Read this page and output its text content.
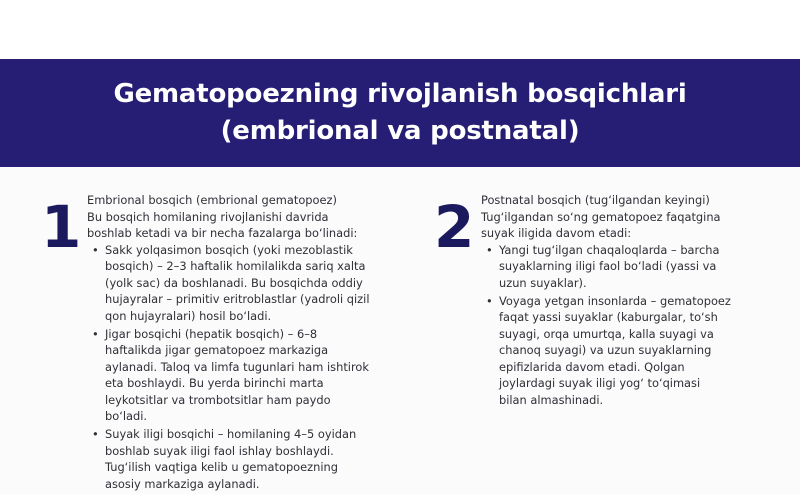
Gematopoezning rivojlanish bosqichlari
(embrional va postnatal)
1 Embrional bosqich (embrional gematopoez)

Bu bosqich homilaning rivojlanishi davrida boshlab ketadi va bir necha fazalarga bo‘linadi:

• Sakk yolqasimon bosqich (yoki mezoblastik bosqich) – 2–3 haftalik homilalikda sariq xalta (yolk sac) da boshlanadi. Bu bosqichda oddiy hujayralar – primitiv eritroblastlar (yadroli qizil qon hujayralari) hosil bo‘ladi.
• Jigar bosqichi (hepatik bosqich) – 6–8 haftalikda jigar gematopoez markaziga aylanadi. Taloq va limfa tugunlari ham ishtirok eta boshlaydi. Bu yerda birinchi marta leykotsitlar va trombotsitlar ham paydo bo‘ladi.
• Suyak iligi bosqichi – homilaning 4–5 oyidan boshlab suyak iligi faol ishlay boshlaydi. Tug‘ilish vaqtiga kelib u gematopoezning asosiy markaziga aylanadi.
2 Postnatal bosqich (tug‘ilgandan keyingi)

Tug‘ilgandan so‘ng gematopoez faqatgina suyak iligida davom etadi:

• Yangi tug‘ilgan chaqaloqlarda – barcha suyaklarning iligi faol bo‘ladi (yassi va uzun suyaklar).
• Voyaga yetgan insonlarda – gematopoez faqat yassi suyaklar (kaburgalar, to‘sh suyagi, orqa umurtqa, kalla suyagi va chanoq suyagi) va uzun suyaklarning epifizlarida davom etadi. Qolgan joylardagi suyak iligi yog‘ to‘qimasi bilan almashinadi.
